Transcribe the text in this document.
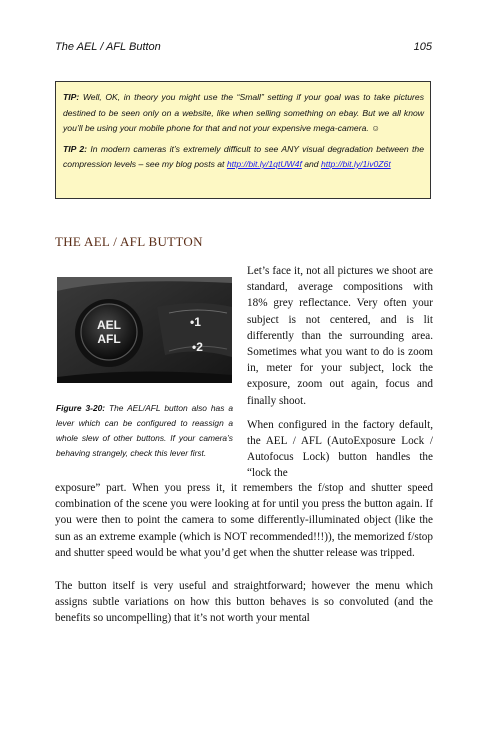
The AEL / AFL Button	105

TIP: Well, OK, in theory you might use the “Small” setting if your goal was to take pictures destined to be seen only on a website, like when selling something on ebay. But we all know you’ll be using your mobile phone for that and not your expensive mega-camera. ☺

TIP 2: In modern cameras it’s extremely difficult to see ANY visual degradation between the compression levels – see my blog posts at http://bit.ly/1qtUW4f and http://bit.ly/1iv0Z6t

THE AEL / AFL BUTTON
AEL
AFL
•1
•2
Figure 3-20: The AEL/AFL button also has a lever which can be configured to reassign a whole slew of other buttons. If your camera’s behaving strangely, check this lever first.

Let’s face it, not all pictures we shoot are standard, average compositions with 18% grey reflectance. Very often your subject is not centered, and is lit differently than the surrounding area. Sometimes what you want to do is zoom in, meter for your subject, lock the exposure, zoom out again, focus and finally shoot.

When configured in the factory default, the AEL / AFL (AutoExposure Lock / Autofocus Lock) button handles the “lock the

exposure” part. When you press it, it remembers the f/stop and shutter speed combination of the scene you were looking at for until you press the button again. If you were then to point the camera to some differently-illuminated object (like the sun as an extreme example (which is NOT recommended!!!)), the memorized f/stop and shutter speed would be what you’d get when the shutter release was tripped.

The button itself is very useful and straightforward; however the menu which assigns subtle variations on how this button behaves is so convoluted (and the benefits so uncompelling) that it’s not worth your mental
